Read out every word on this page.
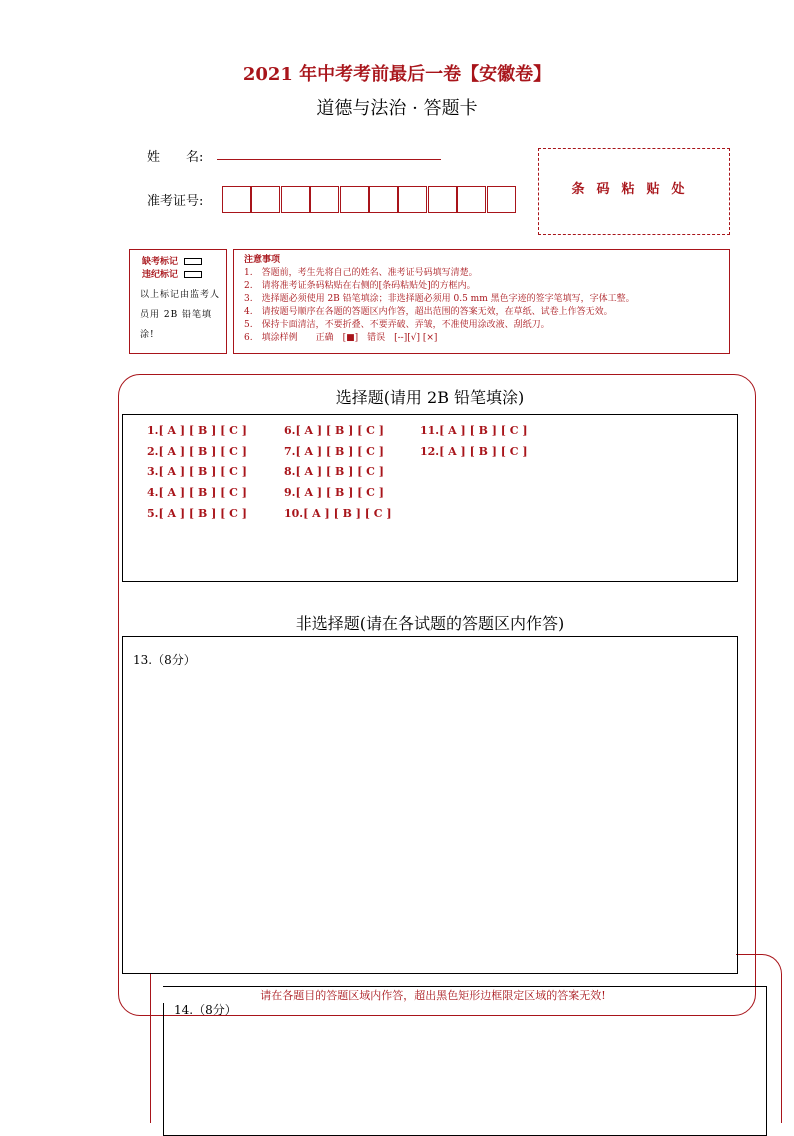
2021 年中考考前最后一卷【安徽卷】
道德与法治 · 答题卡
姓　　名:
准考证号:
条码粘贴处
缺考标记
违纪标记
以上标记由监考人员用 2B 铅笔填涂!
注意事项
1.　答题前，考生先将自己的姓名、准考证号码填写清楚。
2.　请将准考证条码粘贴在右侧的[条码粘贴处]的方框内。
3.　选择题必须使用 2B 铅笔填涂；非选择题必须用 0.5 mm 黑色字迹的签字笔填写，字体工整。
4.　请按题号顺序在各题的答题区内作答，超出范围的答案无效，在草纸、试卷上作答无效。
5.　保持卡面清洁，不要折叠、不要弄破、弄皱，不准使用涂改液、刮纸刀。
6.　填涂样例　　正确　[■]　错误　[--][√] [×]
选择题(请用 2B 铅笔填涂)
1.[ A ] [ B ] [ C ]
2.[ A ] [ B ] [ C ]
3.[ A ] [ B ] [ C ]
4.[ A ] [ B ] [ C ]
5.[ A ] [ B ] [ C ]
6.[ A ] [ B ] [ C ]
7.[ A ] [ B ] [ C ]
8.[ A ] [ B ] [ C ]
9.[ A ] [ B ] [ C ]
10.[ A ] [ B ] [ C ]
11.[ A ] [ B ] [ C ]
12.[ A ] [ B ] [ C ]
非选择题(请在各试题的答题区内作答)
13.（8分）
14.（8分）
请在各题目的答题区域内作答，超出黑色矩形边框限定区域的答案无效!
